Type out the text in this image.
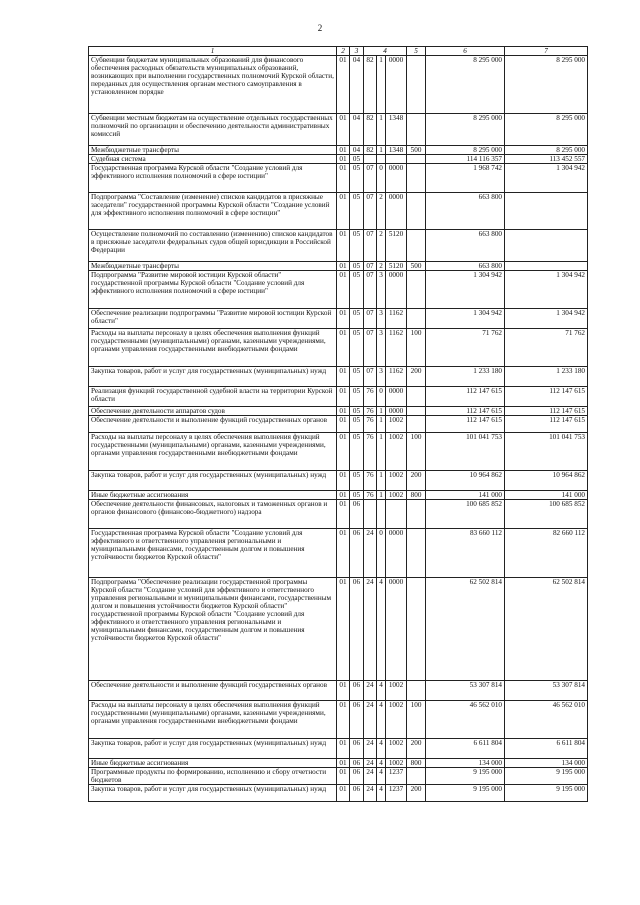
2
1	2	3	4			5	6	7
Субвенции бюджетам муниципальных образований для финансового обеспечения расходных обязательств муниципальных образований, возникающих при выполнении государственных полномочий Курской области, переданных для осуществления органам местного самоуправления в установленном порядке	01	04	82	1	0000		8 295 000	8 295 000
Субвенции местным бюджетам на осуществление отдельных государственных полномочий по организации и обеспечению деятельности административных комиссий	01	04	82	1	1348		8 295 000	8 295 000
Межбюджетные трансферты	01	04	82	1	1348	500	8 295 000	8 295 000
Судебная система	01	05					114 116 357	113 452 557
Государственная программа Курской области "Создание условий для эффективного исполнения полномочий в сфере юстиции"	01	05	07	0	0000		1 968 742	1 304 942
Подпрограмма "Составление (изменение) списков кандидатов в присяжные заседатели" государственной программы Курской области "Создание условий для эффективного исполнения полномочий в сфере юстиции"	01	05	07	2	0000		663 800	
Осуществление полномочий по составлению (изменению) списков кандидатов в присяжные заседатели федеральных судов общей юрисдикции в Российской Федерации	01	05	07	2	5120		663 800	
Межбюджетные трансферты	01	05	07	2	5120	500	663 800	
Подпрограмма "Развитие мировой юстиции Курской области" государственной программы Курской области "Создание условий для эффективного исполнения полномочий в сфере юстиции"	01	05	07	3	0000		1 304 942	1 304 942
Обеспечение реализации подпрограммы "Развитие мировой юстиции Курской области"	01	05	07	3	1162		1 304 942	1 304 942
Расходы на выплаты персоналу в целях обеспечения выполнения функций государственными (муниципальными) органами, казенными учреждениями, органами управления государственными внебюджетными фондами	01	05	07	3	1162	100	71 762	71 762
Закупка товаров, работ и услуг для государственных (муниципальных) нужд	01	05	07	3	1162	200	1 233 180	1 233 180
Реализация функций государственной судебной власти на территории Курской области	01	05	76	0	0000		112 147 615	112 147 615
Обеспечение деятельности аппаратов судов	01	05	76	1	0000		112 147 615	112 147 615
Обеспечение деятельности и выполнение функций государственных органов	01	05	76	1	1002		112 147 615	112 147 615
Расходы на выплаты персоналу в целях обеспечения выполнения функций государственными (муниципальными) органами, казенными учреждениями, органами управления государственными внебюджетными фондами	01	05	76	1	1002	100	101 041 753	101 041 753
Закупка товаров, работ и услуг для государственных (муниципальных) нужд	01	05	76	1	1002	200	10 964 862	10 964 862
Иные бюджетные ассигнования	01	05	76	1	1002	800	141 000	141 000
Обеспечение деятельности финансовых, налоговых и таможенных органов и органов финансового (финансово-бюджетного) надзора	01	06					100 685 852	100 685 852
Государственная программа Курской области "Создание условий для эффективного и ответственного управления региональными и муниципальными финансами, государственным долгом и повышения устойчивости бюджетов Курской области"	01	06	24	0	0000		83 660 112	82 660 112
Подпрограмма "Обеспечение реализации государственной программы Курской области "Создание условий для эффективного и ответственного управления региональными и муниципальными финансами, государственным долгом и повышения устойчивости бюджетов Курской области" государственной программы Курской области "Создание условий для эффективного и ответственного управления региональными и муниципальными финансами, государственным долгом и повышения устойчивости бюджетов Курской области"	01	06	24	4	0000		62 502 814	62 502 814
Обеспечение деятельности и выполнение функций государственных органов	01	06	24	4	1002		53 307 814	53 307 814
Расходы на выплаты персоналу в целях обеспечения выполнения функций государственными (муниципальными) органами, казенными учреждениями, органами управления государственными внебюджетными фондами	01	06	24	4	1002	100	46 562 010	46 562 010
Закупка товаров, работ и услуг для государственных (муниципальных) нужд	01	06	24	4	1002	200	6 611 804	6 611 804
Иные бюджетные ассигнования	01	06	24	4	1002	800	134 000	134 000
Программные продукты по формированию, исполнению и сбору отчетности бюджетов	01	06	24	4	1237		9 195 000	9 195 000
Закупка товаров, работ и услуг для государственных (муниципальных) нужд	01	06	24	4	1237	200	9 195 000	9 195 000
